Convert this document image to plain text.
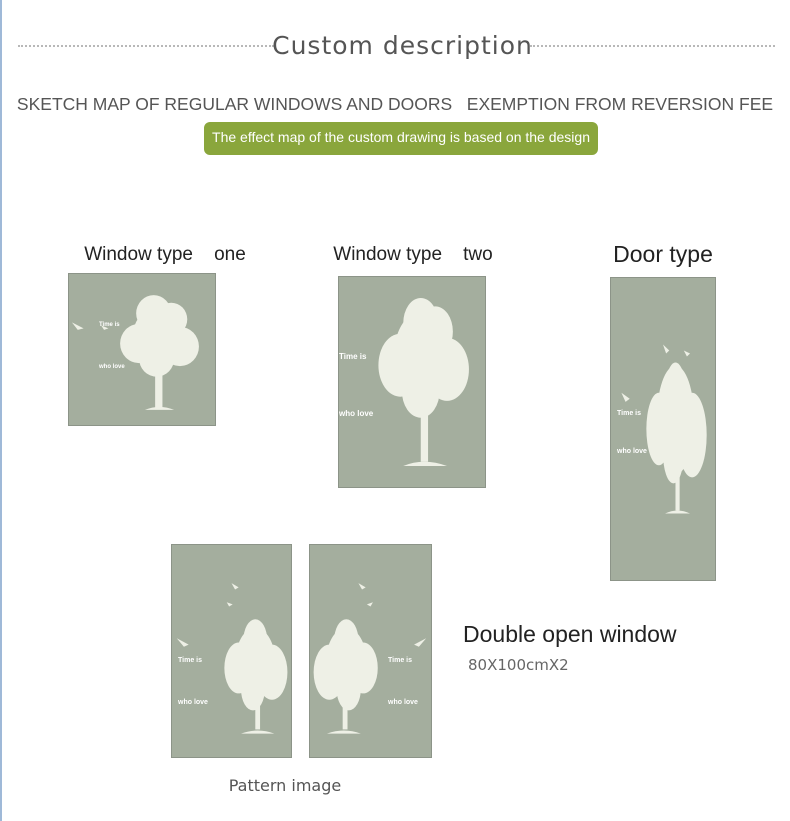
Custom description
SKETCH MAP OF REGULAR WINDOWS AND DOORS   EXEMPTION FROM REVERSION FEE
The effect map of the custom drawing is based on the design

Window type    one

	Window type    two

	Door type

Time is
who love
Time is
who love	Time is
who love
Time is
who love
Time is
who love
Double open window
80X100cmX2
Pattern image
